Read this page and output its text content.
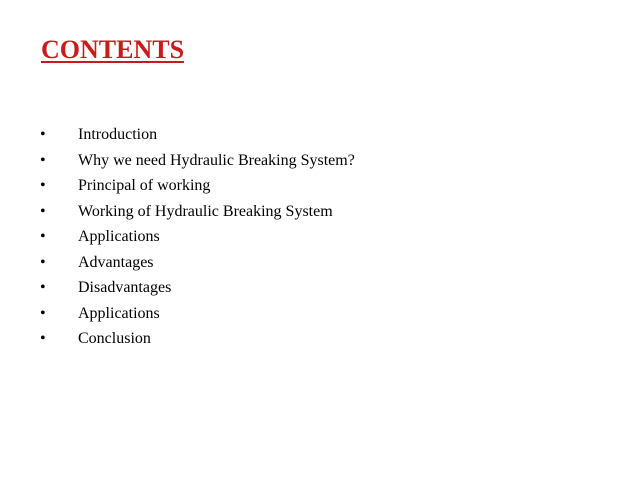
CONTENTS
• Introduction
• Why we need Hydraulic Breaking System?
• Principal of working
• Working of Hydraulic Breaking System
• Applications
• Advantages
• Disadvantages
• Applications
• Conclusion
